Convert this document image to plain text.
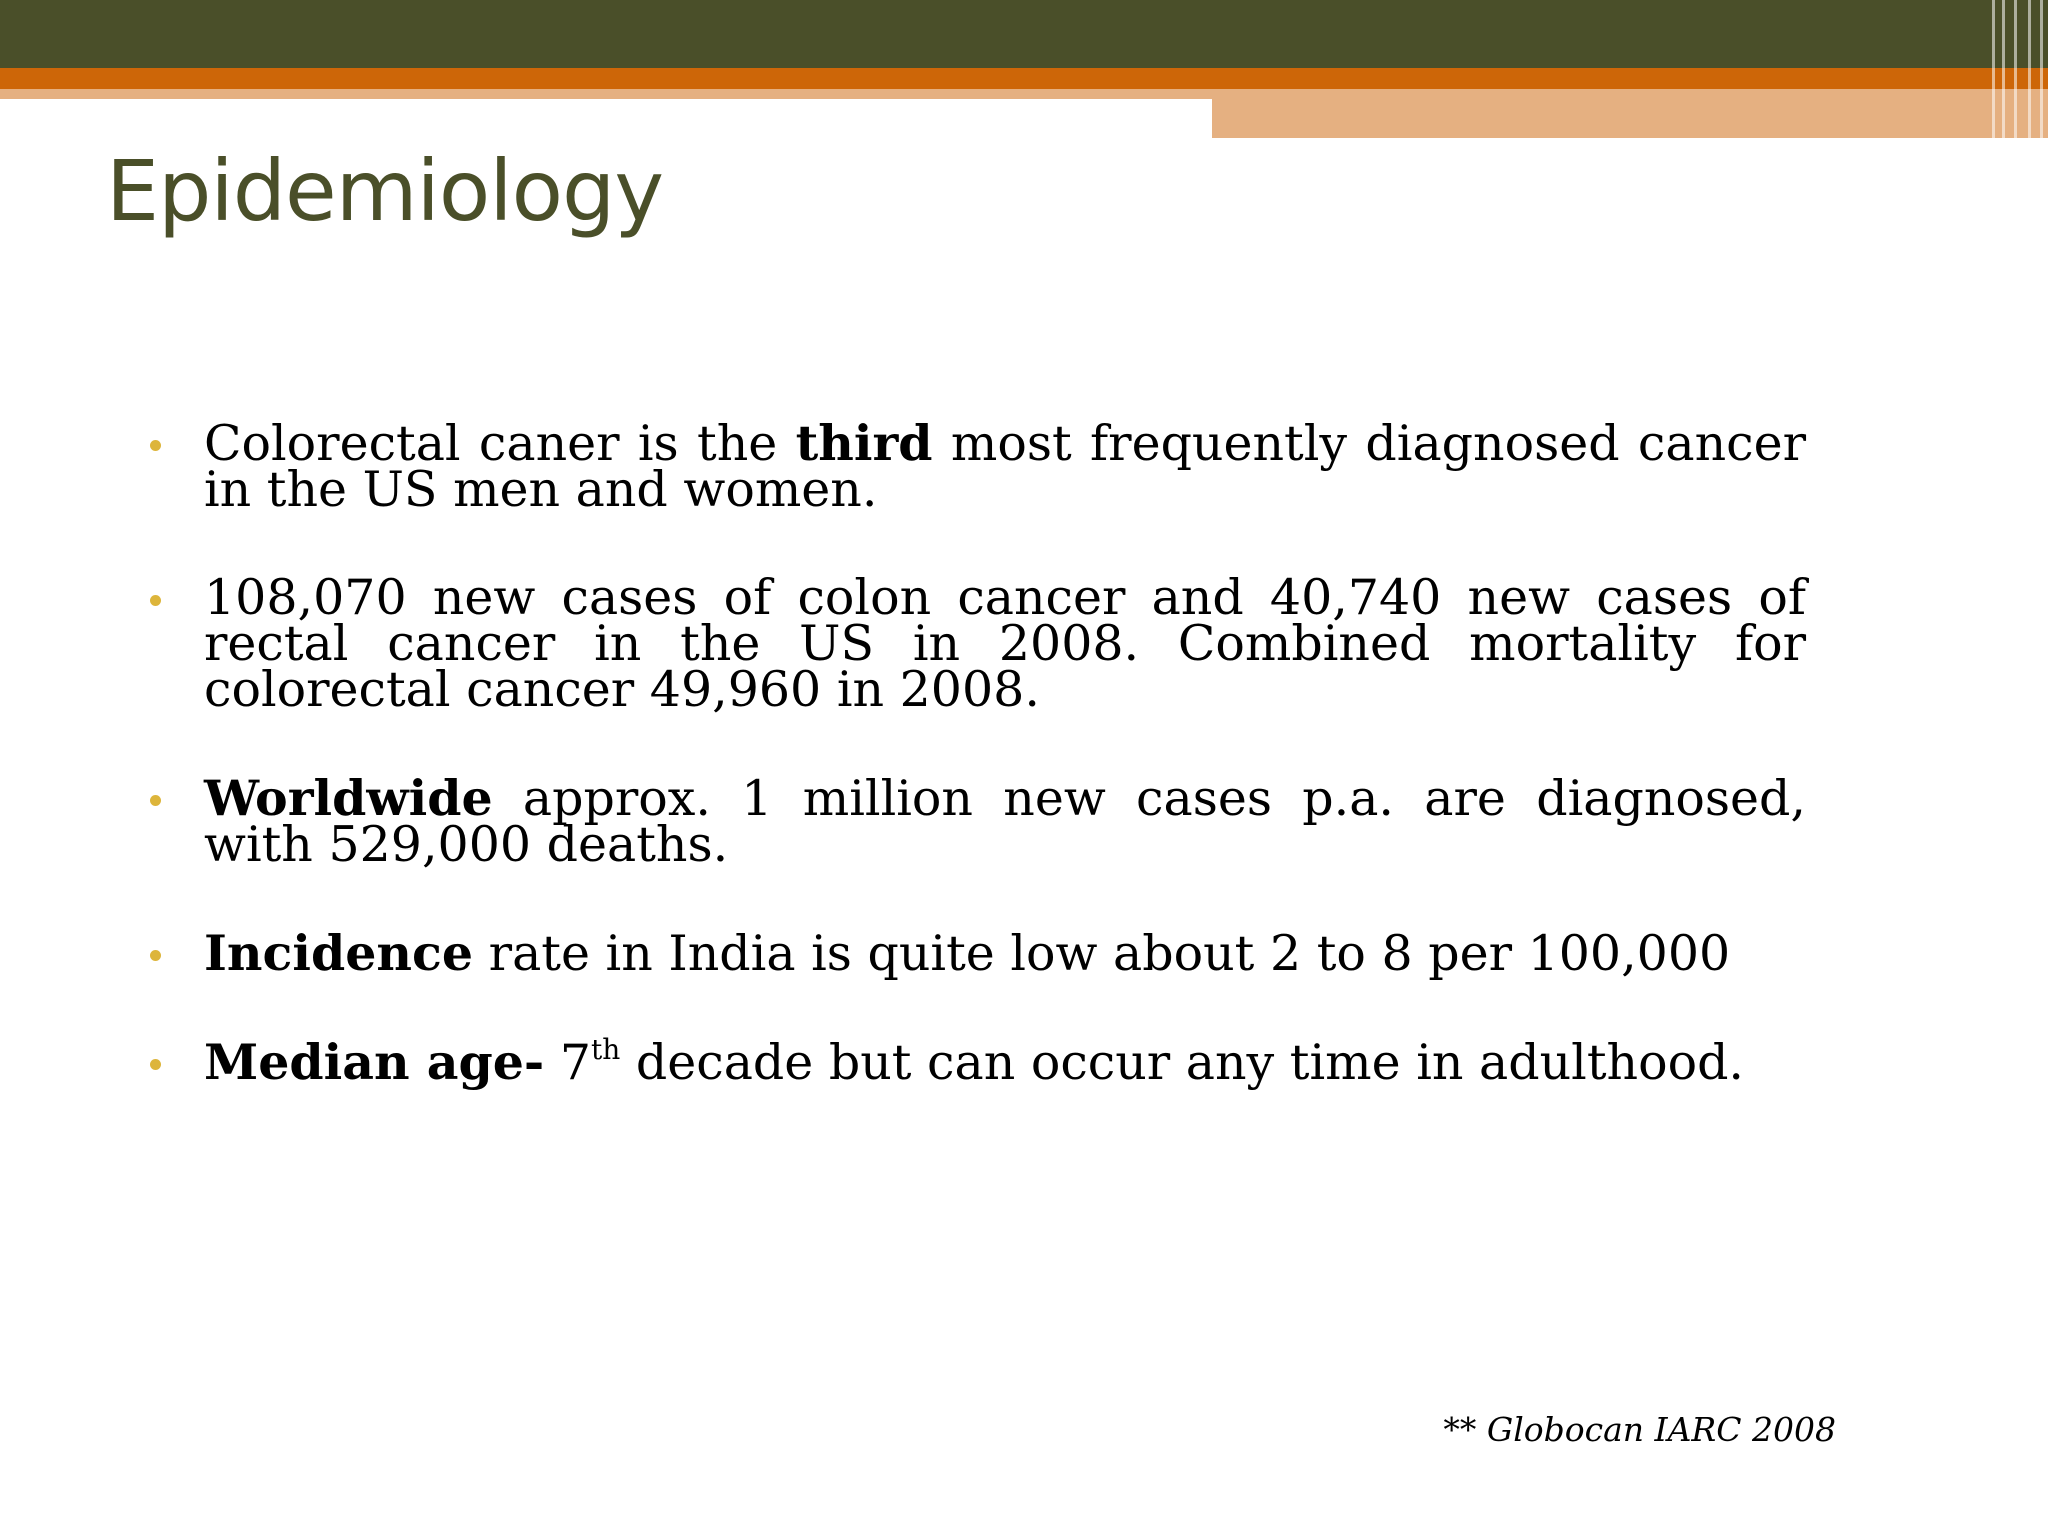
Epidemiology
Colorectal caner is the third most frequently diagnosed cancer in the US men and women.
108,070 new cases of colon cancer and 40,740 new cases of rectal cancer in the US in 2008. Combined mortality for colorectal cancer 49,960 in 2008.
Worldwide approx. 1 million new cases p.a. are diagnosed, with 529,000 deaths.
Incidence rate in India is quite low about 2 to 8 per 100,000
Median age- 7th decade but can occur any time in adulthood.
** Globocan IARC 2008
